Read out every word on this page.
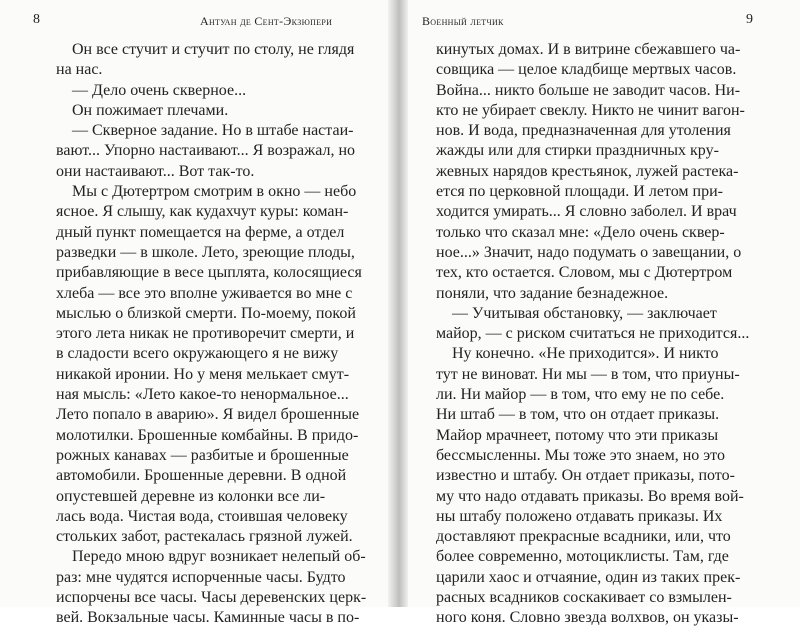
8	Антуан де Сент-Экзюпери
Он все стучит и стучит по столу, не глядя
на нас.
— Дело очень скверное...
Он пожимает плечами.
— Скверное задание. Но в штабе настаи-
вают... Упорно настаивают... Я возражал, но
они настаивают... Вот так-то.
Мы с Дютертром смотрим в окно — небо
ясное. Я слышу, как кудахчут куры: коман-
дный пункт помещается на ферме, а отдел
разведки — в школе. Лето, зреющие плоды,
прибавляющие в весе цыплята, колосящиеся
хлеба — все это вполне уживается во мне с
мыслью о близкой смерти. По-моему, покой
этого лета никак не противоречит смерти, и
в сладости всего окружающего я не вижу
никакой иронии. Но у меня мелькает смут-
ная мысль: «Лето какое-то ненормальное...
Лето попало в аварию». Я видел брошенные
молотилки. Брошенные комбайны. В придо-
рожных канавах — разбитые и брошенные
автомобили. Брошенные деревни. В одной
опустевшей деревне из колонки все ли-
лась вода. Чистая вода, стоившая человеку
стольких забот, растекалась грязной лужей.
Передо мною вдруг возникает нелепый об-
раз: мне чудятся испорченные часы. Будто
испорчены все часы. Часы деревенских церк-
вей. Вокзальные часы. Каминные часы в по-
Военный летчик	9
кинутых домах. И в витрине сбежавшего ча-
совщика — целое кладбище мертвых часов.
Война... никто больше не заводит часов. Ни-
кто не убирает свеклу. Никто не чинит вагон-
нов. И вода, предназначенная для утоления
жажды или для стирки праздничных кру-
жевных нарядов крестьянок, лужей растека-
ется по церковной площади. И летом при-
ходится умирать... Я словно заболел. И врач
только что сказал мне: «Дело очень сквер-
ное...» Значит, надо подумать о завещании, о
тех, кто остается. Словом, мы с Дютертром
поняли, что задание безнадежное.
— Учитывая обстановку, — заключает
майор, — с риском считаться не приходится...
Ну конечно. «Не приходится». И никто
тут не виноват. Ни мы — в том, что приуны-
ли. Ни майор — в том, что ему не по себе.
Ни штаб — в том, что он отдает приказы.
Майор мрачнеет, потому что эти приказы
бессмысленны. Мы тоже это знаем, но это
известно и штабу. Он отдает приказы, пото-
му что надо отдавать приказы. Во время вой-
ны штабу положено отдавать приказы. Их
доставляют прекрасные всадники, или, что
более современно, мотоциклисты. Там, где
царили хаос и отчаяние, один из таких прек-
расных всадников соскакивает со взмылен-
ного коня. Словно звезда волхвов, он указы-
